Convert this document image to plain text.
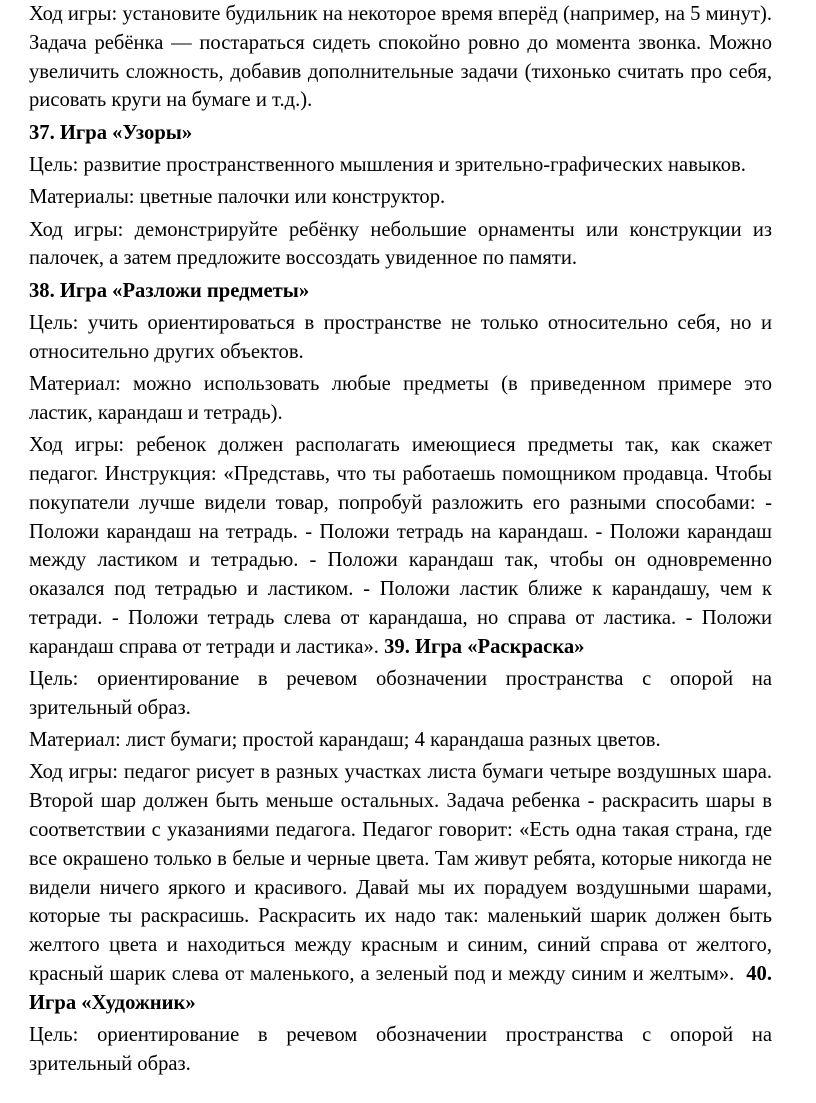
Ход игры: установите будильник на некоторое время вперёд (например, на 5 минут). Задача ребёнка — постараться сидеть спокойно ровно до момента звонка. Можно увеличить сложность, добавив дополнительные задачи (тихонько считать про себя, рисовать круги на бумаге и т.д.).

37. Игра «Узоры»

Цель: развитие пространственного мышления и зрительно-графических навыков.

Материалы: цветные палочки или конструктор.

Ход игры: демонстрируйте ребёнку небольшие орнаменты или конструкции из палочек, а затем предложите воссоздать увиденное по памяти.

38. Игра «Разложи предметы»

Цель: учить ориентироваться в пространстве не только относительно себя, но и относительно других объектов.

Материал: можно использовать любые предметы (в приведенном примере это ластик, карандаш и тетрадь).

Ход игры: ребенок должен располагать имеющиеся предметы так, как скажет педагог. Инструкция: «Представь, что ты работаешь помощником продавца. Чтобы покупатели лучше видели товар, попробуй разложить его разными способами: - Положи карандаш на тетрадь. - Положи тетрадь на карандаш. - Положи карандаш между ластиком и тетрадью. - Положи карандаш так, чтобы он одновременно оказался под тетрадью и ластиком. - Положи ластик ближе к карандашу, чем к тетради. - Положи тетрадь слева от карандаша, но справа от ластика. - Положи карандаш справа от тетради и ластика». 39. Игра «Раскраска»

Цель: ориентирование в речевом обозначении пространства с опорой на зрительный образ.

Материал: лист бумаги; простой карандаш; 4 карандаша разных цветов.

Ход игры: педагог рисует в разных участках листа бумаги четыре воздушных шара. Второй шар должен быть меньше остальных. Задача ребенка - раскрасить шары в соответствии с указаниями педагога. Педагог говорит: «Есть одна такая страна, где все окрашено только в белые и черные цвета. Там живут ребята, которые никогда не видели ничего яркого и красивого. Давай мы их порадуем воздушными шарами, которые ты раскрасишь. Раскрасить их надо так: маленький шарик должен быть желтого цвета и находиться между красным и синим, синий справа от желтого, красный шарик слева от маленького, а зеленый под и между синим и желтым». 40. Игра «Художник»

Цель: ориентирование в речевом обозначении пространства с опорой на зрительный образ.
